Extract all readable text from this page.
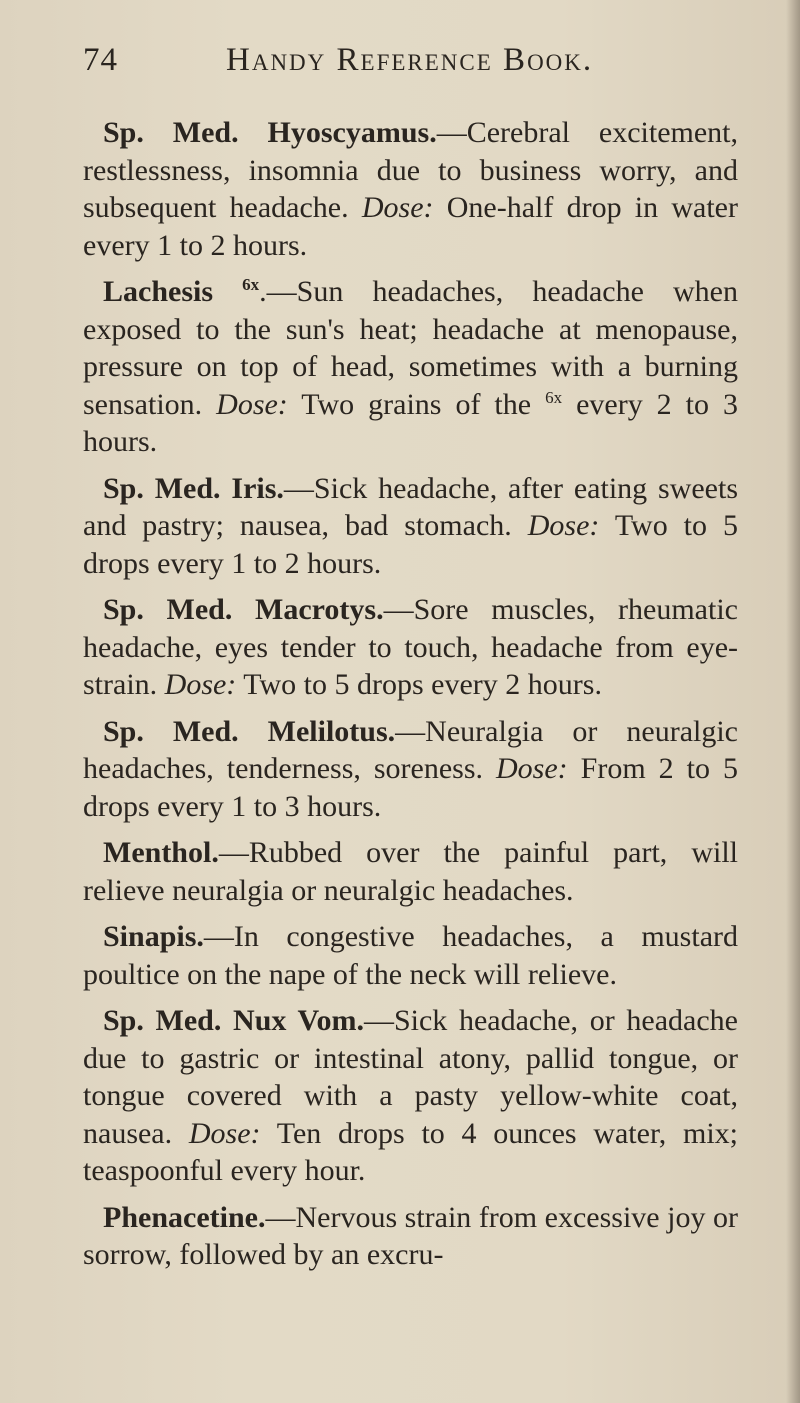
74	Handy Reference Book.

Sp. Med. Hyoscyamus.—Cerebral excitement, restlessness, insomnia due to business worry, and subsequent headache. Dose: One-half drop in water every 1 to 2 hours.

Lachesis $^{6x}$.—Sun headaches, headache when exposed to the sun's heat; headache at menopause, pressure on top of head, sometimes with a burning sensation. Dose: Two grains of the $^{6x}$ every 2 to 3 hours.

Sp. Med. Iris.—Sick headache, after eating sweets and pastry; nausea, bad stomach. Dose: Two to 5 drops every 1 to 2 hours.

Sp. Med. Macrotys.—Sore muscles, rheumatic headache, eyes tender to touch, headache from eye-strain. Dose: Two to 5 drops every 2 hours.

Sp. Med. Melilotus.—Neuralgia or neuralgic headaches, tenderness, soreness. Dose: From 2 to 5 drops every 1 to 3 hours.

Menthol.—Rubbed over the painful part, will relieve neuralgia or neuralgic headaches.

Sinapis.—In congestive headaches, a mustard poultice on the nape of the neck will relieve.

Sp. Med. Nux Vom.—Sick headache, or headache due to gastric or intestinal atony, pallid tongue, or tongue covered with a pasty yellow-white coat, nausea. Dose: Ten drops to 4 ounces water, mix; teaspoonful every hour.

Phenacetine.—Nervous strain from excessive joy or sorrow, followed by an excru-
